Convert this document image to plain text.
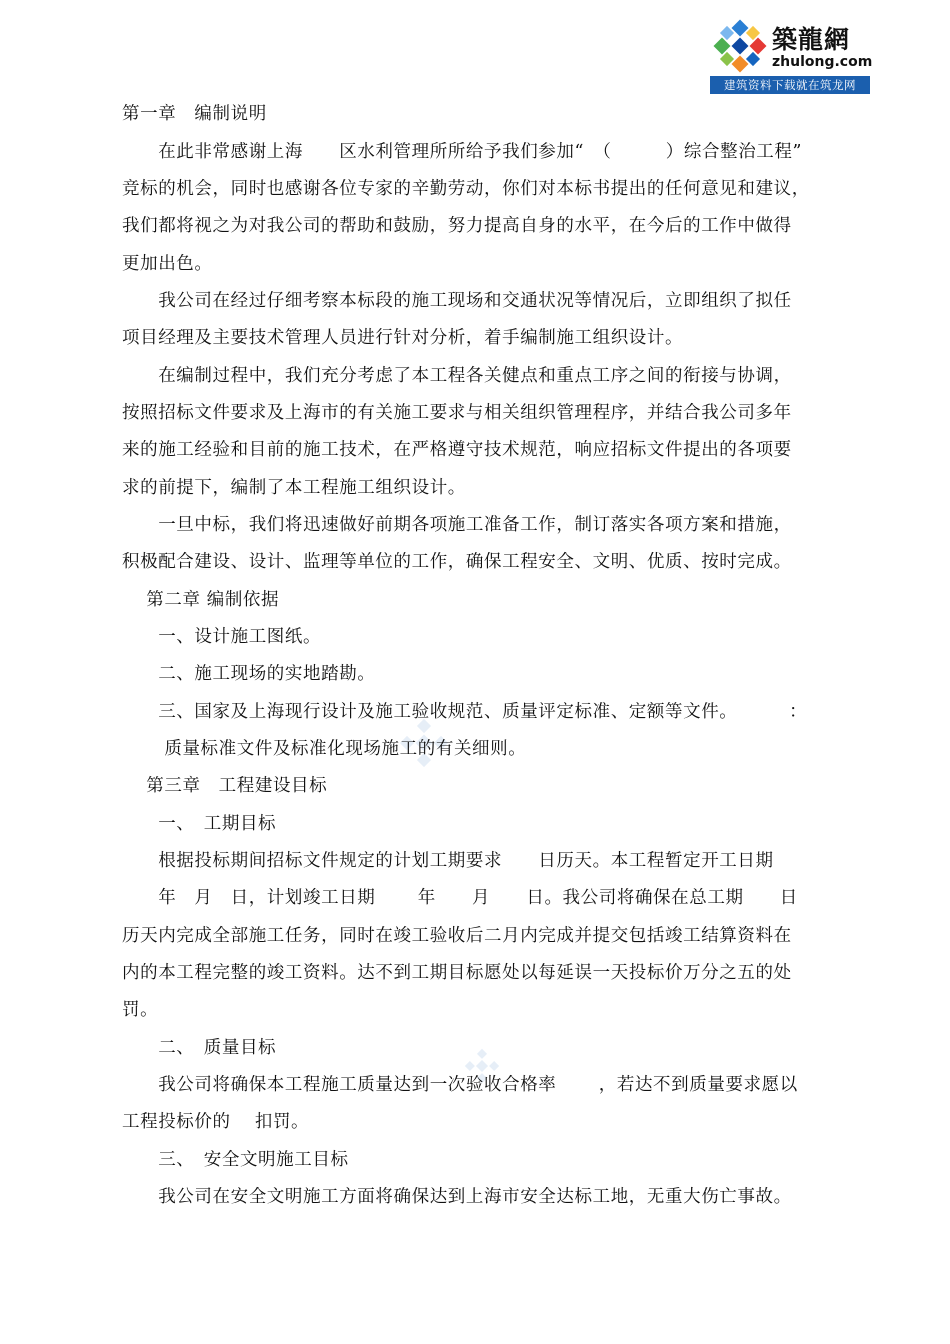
築龍網
zhulong.com
建筑资料下载就在筑龙网
第一章　编制说明
　　在此非常感谢上海　　区水利管理所所给予我们参加“　（　　　）综合整治工程”
竞标的机会，同时也感谢各位专家的辛勤劳动，你们对本标书提出的任何意见和建议，
我们都将视之为对我公司的帮助和鼓励，努力提高自身的水平，在今后的工作中做得
更加出色。
　　我公司在经过仔细考察本标段的施工现场和交通状况等情况后，立即组织了拟任
项目经理及主要技术管理人员进行针对分析，着手编制施工组织设计。
　　在编制过程中，我们充分考虑了本工程各关健点和重点工序之间的衔接与协调，
按照招标文件要求及上海市的有关施工要求与相关组织管理程序，并结合我公司多年
来的施工经验和目前的施工技术，在严格遵守技术规范，响应招标文件提出的各项要
求的前提下，编制了本工程施工组织设计。
　　一旦中标，我们将迅速做好前期各项施工准备工作，制订落实各项方案和措施，
积极配合建设、设计、监理等单位的工作，确保工程安全、文明、优质、按时完成。
　 第二章 编制依据
　　一、设计施工图纸。
　　二、施工现场的实地踏勘。
　　三、国家及上海现行设计及施工验收规范、质量评定标准、定额等文件。　　　 ：
　　 质量标准文件及标准化现场施工的有关细则。
　 第三章　工程建设目标
　　一、　工期目标
　　根据投标期间招标文件规定的计划工期要求　　日历天。本工程暂定开工日期
　　年　月　日，计划竣工日期　　 年　　月　　日。我公司将确保在总工期　　日
历天内完成全部施工任务，同时在竣工验收后二月内完成并提交包括竣工结算资料在
内的本工程完整的竣工资料。达不到工期目标愿处以每延误一天投标价万分之五的处
罚。
　　二、　质量目标
　　我公司将确保本工程施工质量达到一次验收合格率　　 ，若达不到质量要求愿以
工程投标价的　 扣罚。
　　三、　安全文明施工目标
　　我公司在安全文明施工方面将确保达到上海市安全达标工地，无重大伤亡事故。
